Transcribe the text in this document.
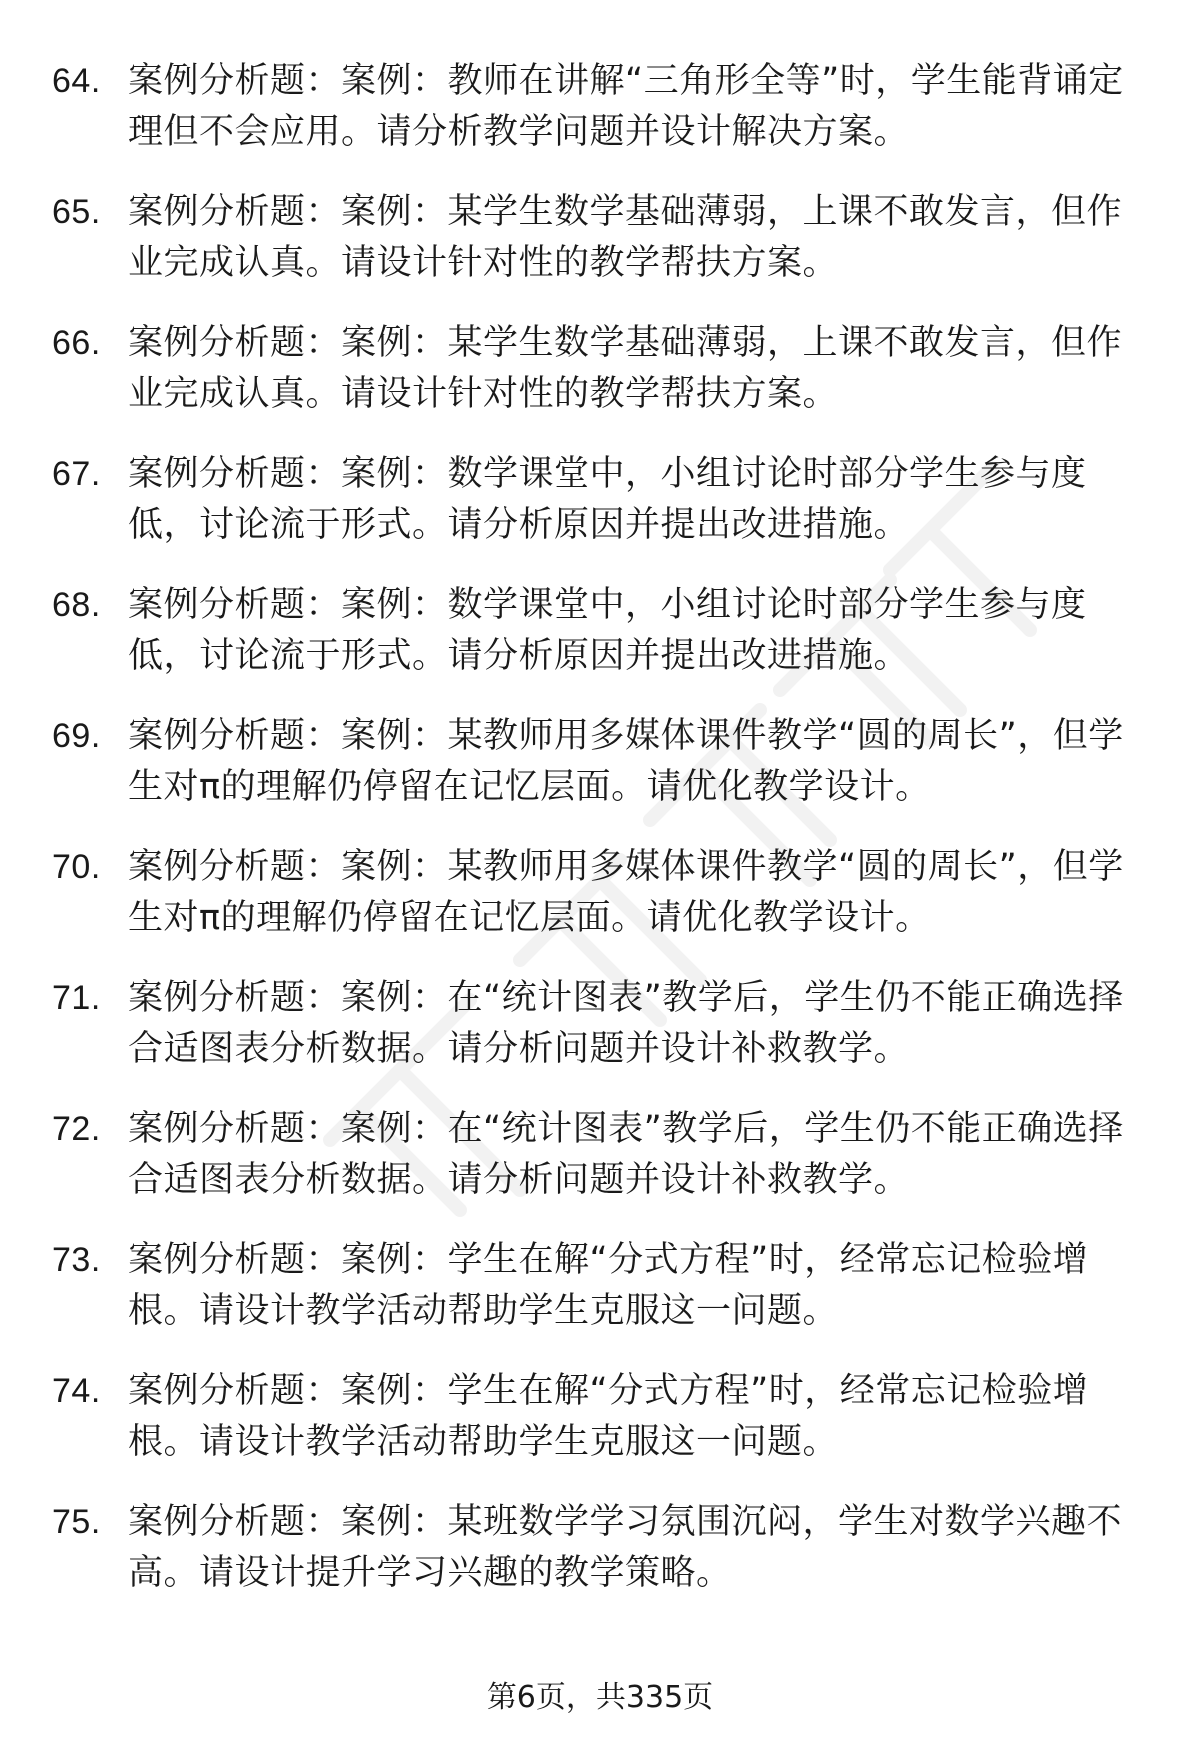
64. 案例分析题：案例：教师在讲解“三角形全等”时，学生能背诵定理但不会应用。请分析教学问题并设计解决方案。
65. 案例分析题：案例：某学生数学基础薄弱，上课不敢发言，但作业完成认真。请设计针对性的教学帮扶方案。
66. 案例分析题：案例：某学生数学基础薄弱，上课不敢发言，但作业完成认真。请设计针对性的教学帮扶方案。
67. 案例分析题：案例：数学课堂中，小组讨论时部分学生参与度低，讨论流于形式。请分析原因并提出改进措施。
68. 案例分析题：案例：数学课堂中，小组讨论时部分学生参与度低，讨论流于形式。请分析原因并提出改进措施。
69. 案例分析题：案例：某教师用多媒体课件教学“圆的周长”，但学生对π的理解仍停留在记忆层面。请优化教学设计。
70. 案例分析题：案例：某教师用多媒体课件教学“圆的周长”，但学生对π的理解仍停留在记忆层面。请优化教学设计。
71. 案例分析题：案例：在“统计图表”教学后，学生仍不能正确选择合适图表分析数据。请分析问题并设计补救教学。
72. 案例分析题：案例：在“统计图表”教学后，学生仍不能正确选择合适图表分析数据。请分析问题并设计补救教学。
73. 案例分析题：案例：学生在解“分式方程”时，经常忘记检验增根。请设计教学活动帮助学生克服这一问题。
74. 案例分析题：案例：学生在解“分式方程”时，经常忘记检验增根。请设计教学活动帮助学生克服这一问题。
75. 案例分析题：案例：某班数学学习氛围沉闷，学生对数学兴趣不高。请设计提升学习兴趣的教学策略。
第6页，共335页
